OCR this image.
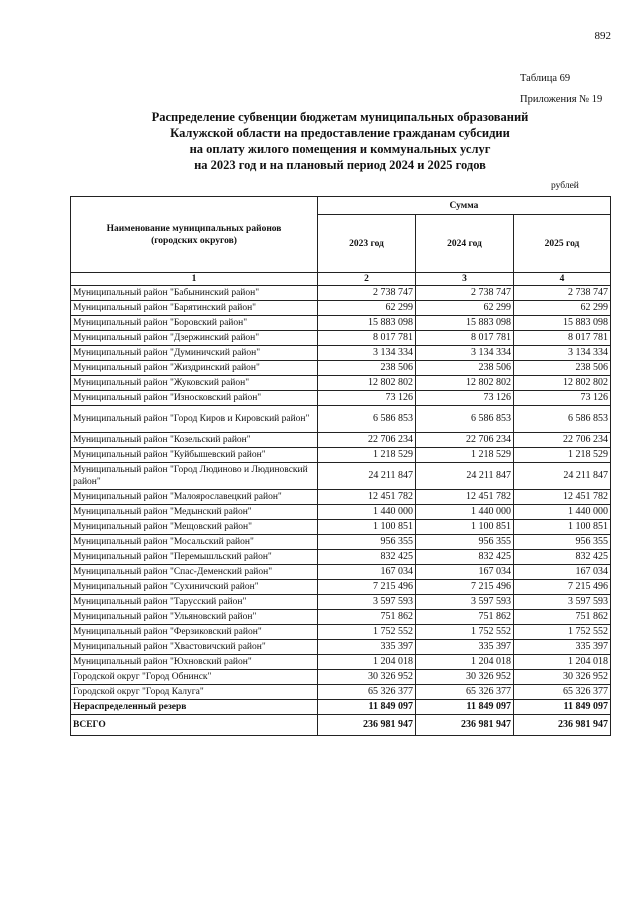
892
Таблица 69
Приложения № 19
Распределение субвенции бюджетам муниципальных образований
Калужской области на предоставление гражданам субсидии
на оплату жилого помещения и коммунальных услуг
на 2023 год и на плановый период 2024 и 2025 годов
рублей
Наименование муниципальных районов
(городских округов)	Сумма		
	2023 год	2024 год	2025 год
1	2	3	4
Муниципальный район "Бабынинский район"	2 738 747	2 738 747	2 738 747
Муниципальный район "Барятинский район"	62 299	62 299	62 299
Муниципальный район "Боровский район"	15 883 098	15 883 098	15 883 098
Муниципальный район "Дзержинский район"	8 017 781	8 017 781	8 017 781
Муниципальный район "Думиничский район"	3 134 334	3 134 334	3 134 334
Муниципальный район "Жиздринский район"	238 506	238 506	238 506
Муниципальный район "Жуковский район"	12 802 802	12 802 802	12 802 802
Муниципальный район "Износковский район"	73 126	73 126	73 126
Муниципальный район "Город Киров и Кировский район"	6 586 853	6 586 853	6 586 853
Муниципальный район "Козельский район"	22 706 234	22 706 234	22 706 234
Муниципальный район "Куйбышевский район"	1 218 529	1 218 529	1 218 529
Муниципальный район "Город Людиново и Людиновский район"	24 211 847	24 211 847	24 211 847
Муниципальный район "Малоярославецкий район"	12 451 782	12 451 782	12 451 782
Муниципальный район "Медынский район"	1 440 000	1 440 000	1 440 000
Муниципальный район "Мещовский район"	1 100 851	1 100 851	1 100 851
Муниципальный район "Мосальский район"	956 355	956 355	956 355
Муниципальный район "Перемышльский район"	832 425	832 425	832 425
Муниципальный район "Спас-Деменский район"	167 034	167 034	167 034
Муниципальный район "Сухиничский район"	7 215 496	7 215 496	7 215 496
Муниципальный район "Тарусский район"	3 597 593	3 597 593	3 597 593
Муниципальный район "Ульяновский район"	751 862	751 862	751 862
Муниципальный район "Ферзиковский район"	1 752 552	1 752 552	1 752 552
Муниципальный район "Хвастовичский район"	335 397	335 397	335 397
Муниципальный район "Юхновский район"	1 204 018	1 204 018	1 204 018
Городской округ "Город Обнинск"	30 326 952	30 326 952	30 326 952
Городской округ "Город Калуга"	65 326 377	65 326 377	65 326 377
Нераспределенный резерв	11 849 097	11 849 097	11 849 097
ВСЕГО	236 981 947	236 981 947	236 981 947
